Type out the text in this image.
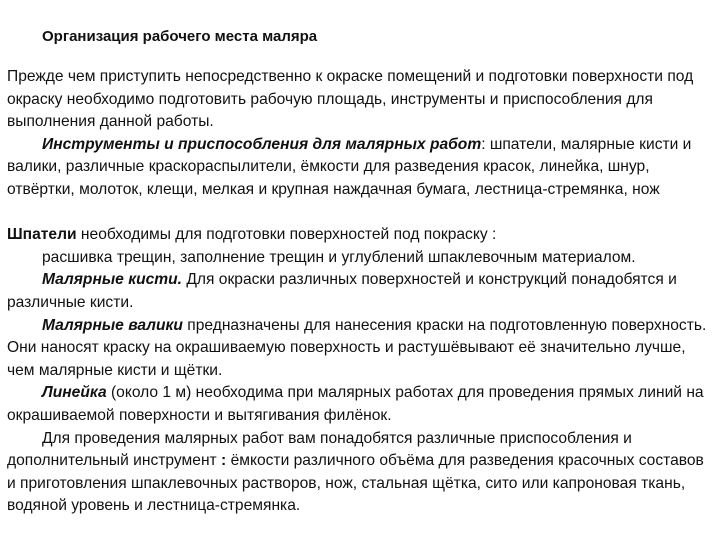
Организация рабочего места маляра

Прежде чем приступить непосредственно к окраске помещений и подготовки поверхности под окраску необходимо подготовить рабочую площадь, инструменты и приспособления для выполнения данной работы.

Инструменты и приспособления для малярных работ: шпатели, малярные кисти и валики, различные краскораспылители, ёмкости для разведения красок, линейка, шнур, отвёртки, молоток, клещи, мелкая и крупная наждачная бумага, лестница-стремянка, нож

Шпатели необходимы для подготовки поверхностей под покраску :

расшивка трещин, заполнение трещин и углублений шпаклевочным материалом.

Малярные кисти. Для окраски различных поверхностей и конструкций понадобятся и различные кисти.

Малярные валики предназначены для нанесения краски на подготовленную поверхность. Они наносят краску на окрашиваемую поверхность и растушёвывают её значительно лучше, чем малярные кисти и щётки.

Линейка (около 1 м) необходима при малярных работах для проведения прямых линий на окрашиваемой поверхности и вытягивания филёнок.

Для проведения малярных работ вам понадобятся различные приспособления и дополнительный инструмент : ёмкости различного объёма для разведения красочных составов и приготовления шпаклевочных растворов, нож, стальная щётка, сито или капроновая ткань, водяной уровень и лестница-стремянка.
